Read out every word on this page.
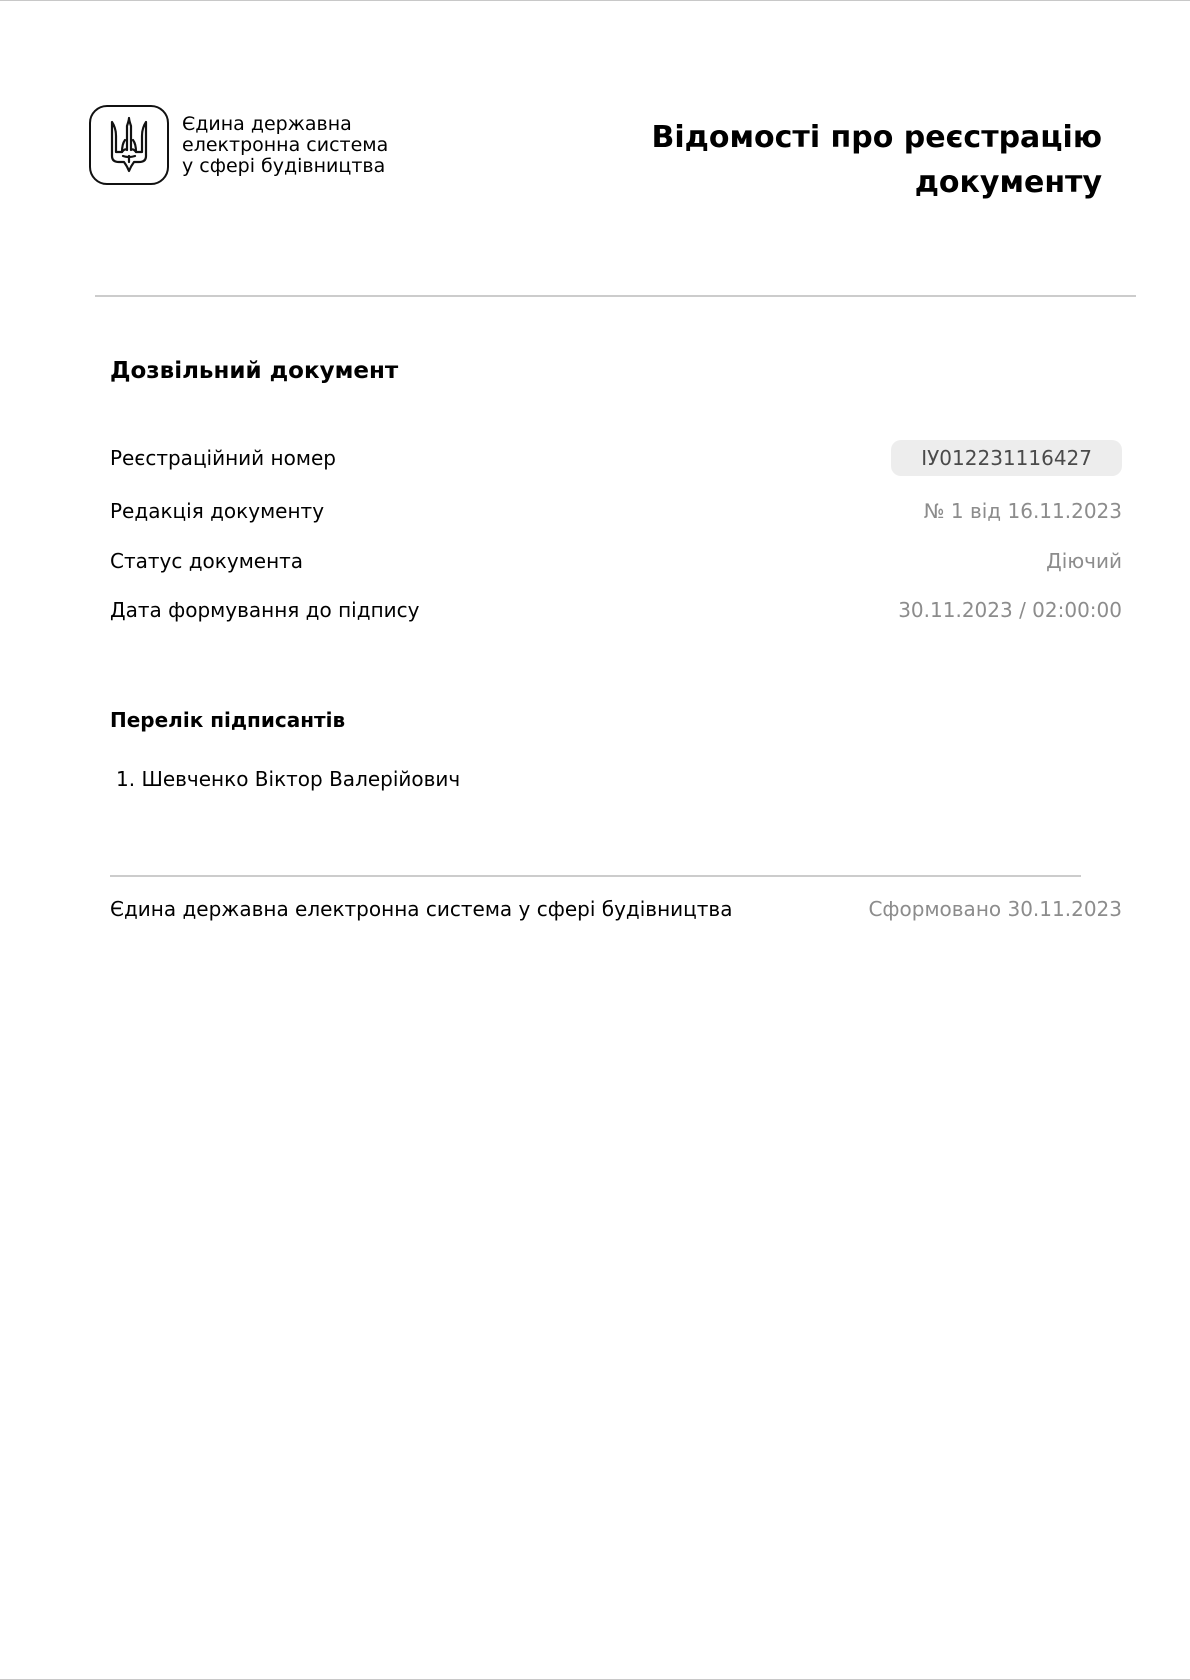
Єдина державна
електронна система
у сфері будівництва
Відомості про реєстрацію
документу
Дозвільний документ
Реєстраційний номер	ІУ012231116427
Редакція документу	№ 1 від 16.11.2023
Статус документа	Діючий
Дата формування до підпису	30.11.2023 / 02:00:00
Перелік підписантів
1. Шевченко Віктор Валерійович
Єдина державна електронна система у сфері будівництва	Сформовано 30.11.2023
